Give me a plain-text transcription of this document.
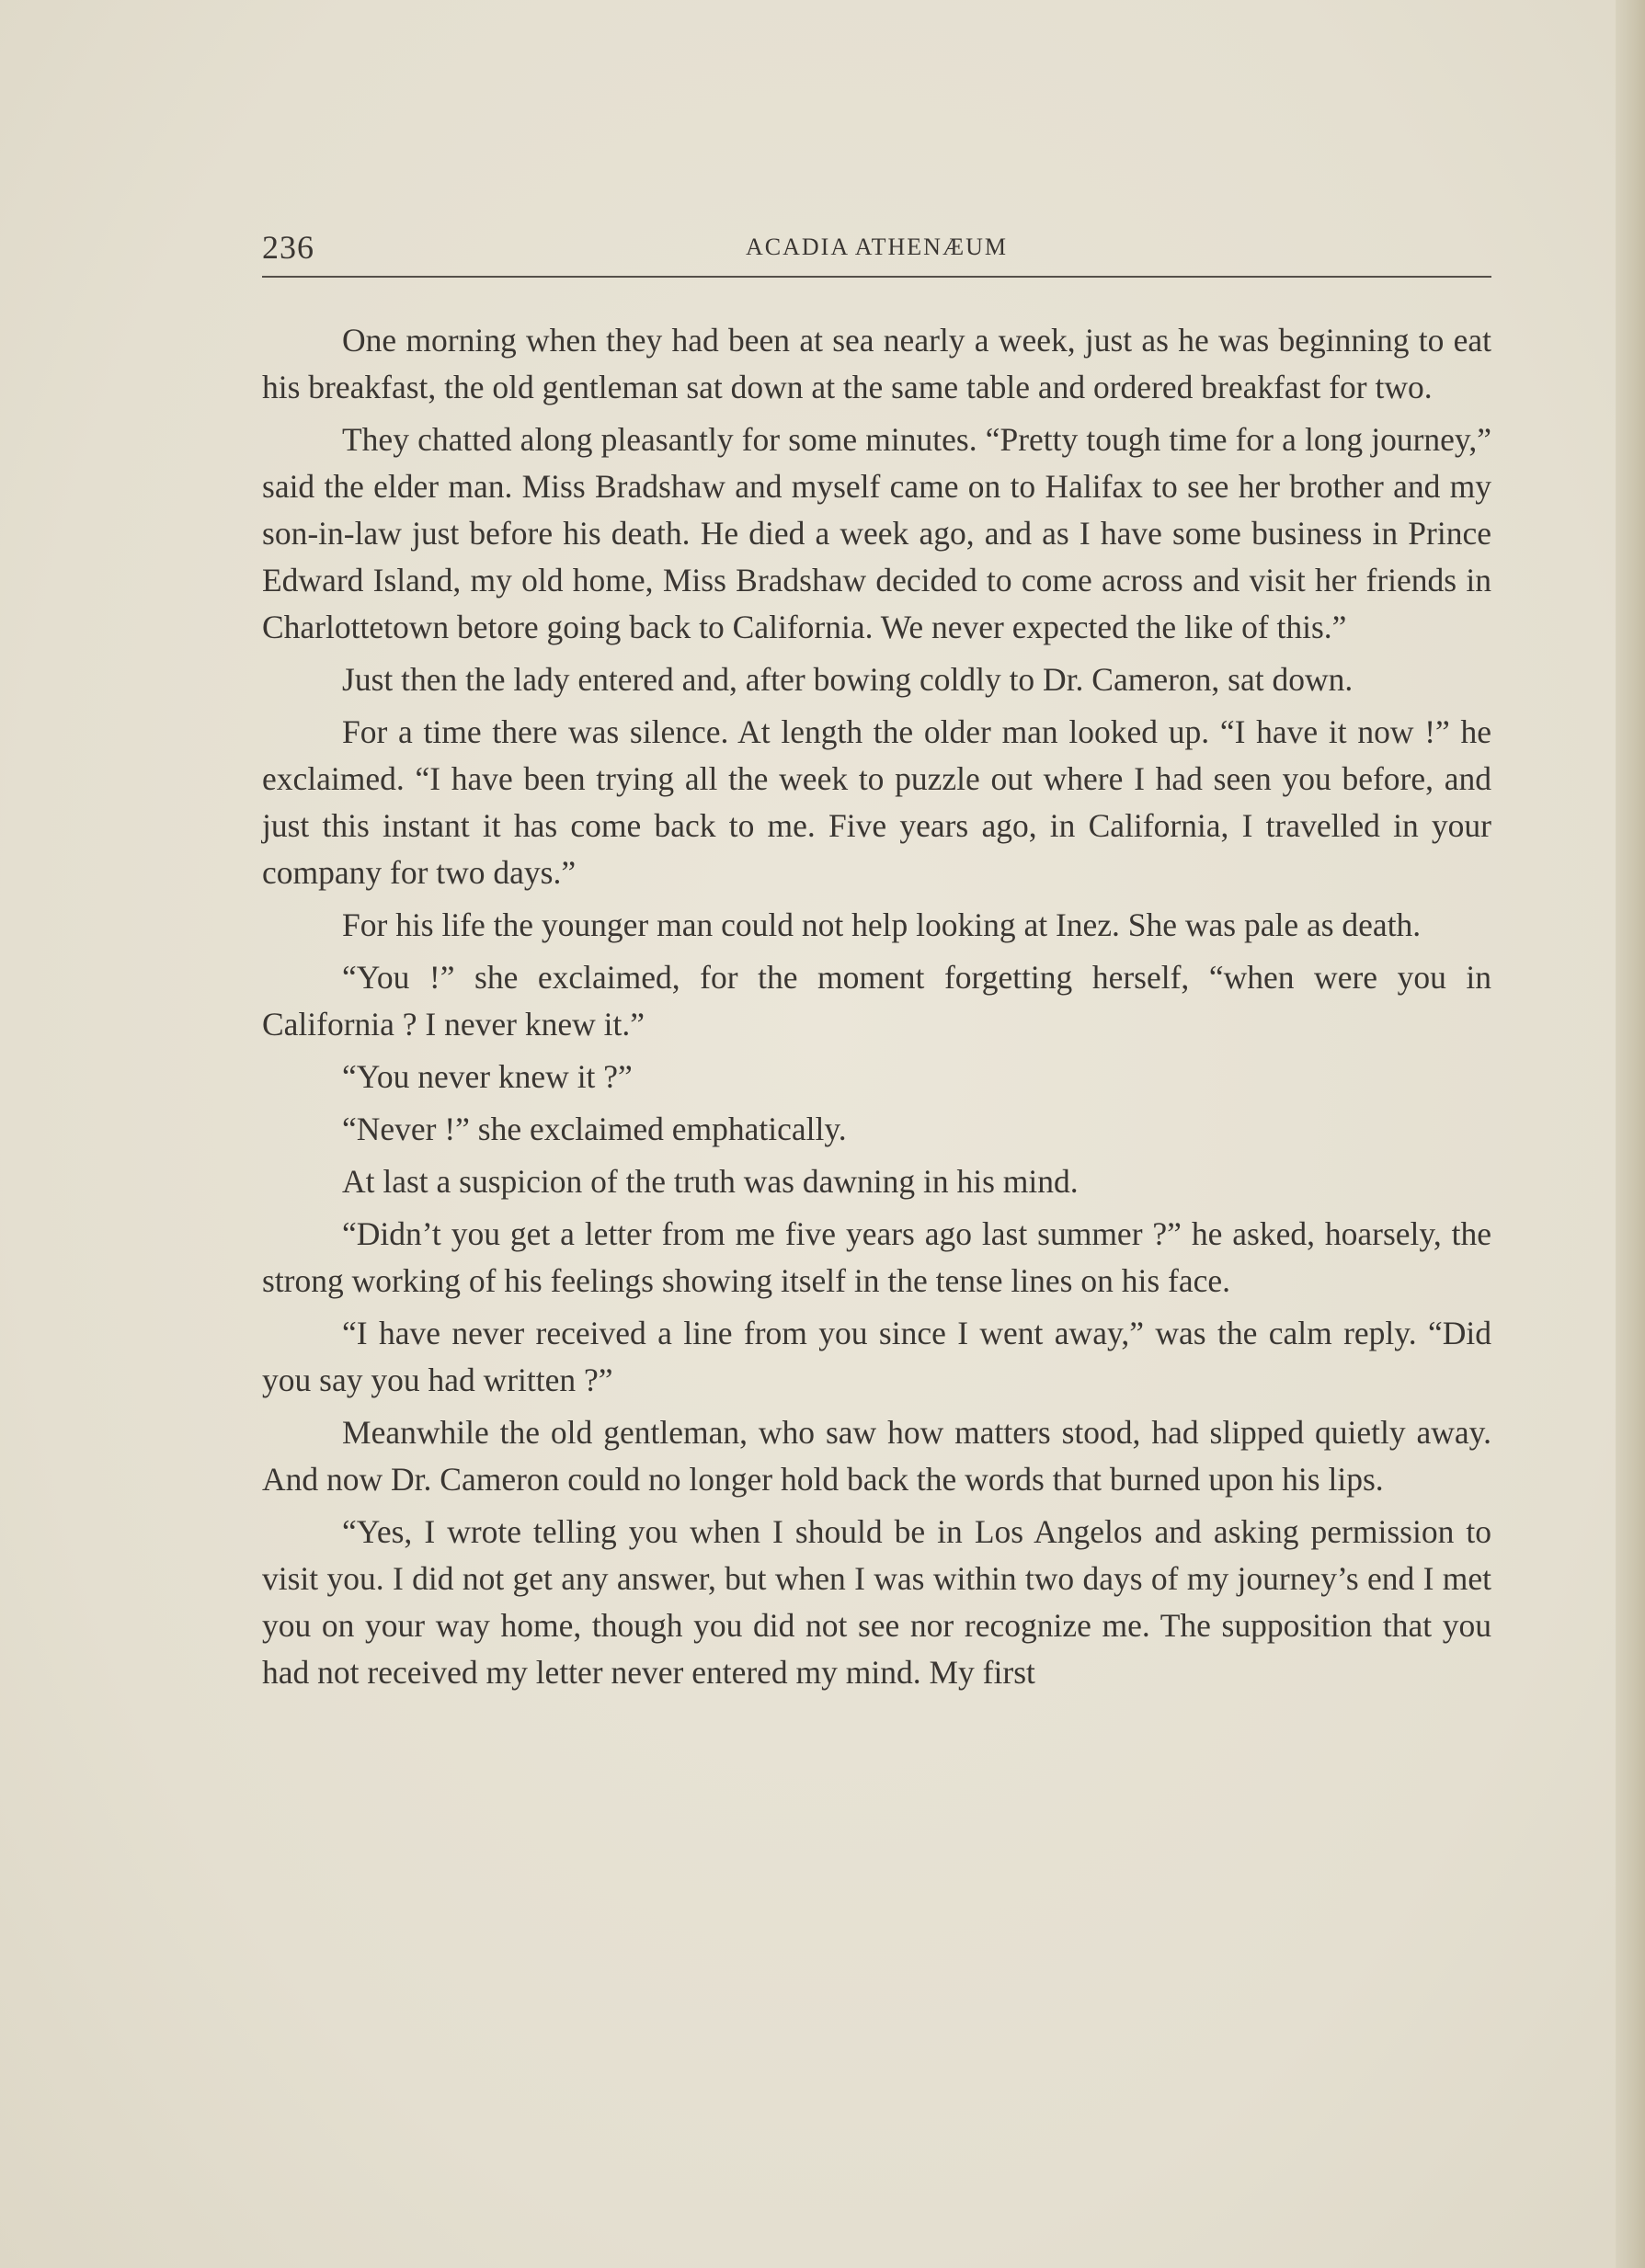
236	ACADIA ATHENÆUM

One morning when they had been at sea nearly a week, just as he was beginning to eat his breakfast, the old gentleman sat down at the same table and ordered breakfast for two.

They chatted along pleasantly for some minutes. “Pretty tough time for a long journey,” said the elder man. Miss Bradshaw and myself came on to Halifax to see her brother and my son-in-law just before his death. He died a week ago, and as I have some business in Prince Edward Island, my old home, Miss Bradshaw decided to come across and visit her friends in Charlottetown betore going back to California. We never expected the like of this.”

Just then the lady entered and, after bowing coldly to Dr. Cameron, sat down.

For a time there was silence. At length the older man looked up. “I have it now !” he exclaimed. “I have been trying all the week to puzzle out where I had seen you before, and just this instant it has come back to me. Five years ago, in California, I travelled in your company for two days.”

For his life the younger man could not help looking at Inez. She was pale as death.

“You !” she exclaimed, for the moment forgetting herself, “when were you in California ? I never knew it.”

“You never knew it ?”

“Never !” she exclaimed emphatically.

At last a suspicion of the truth was dawning in his mind.

“Didn’t you get a letter from me five years ago last summer ?” he asked, hoarsely, the strong working of his feelings showing itself in the tense lines on his face.

“I have never received a line from you since I went away,” was the calm reply. “Did you say you had written ?”

Meanwhile the old gentleman, who saw how matters stood, had slipped quietly away. And now Dr. Cameron could no longer hold back the words that burned upon his lips.

“Yes, I wrote telling you when I should be in Los Angelos and asking permission to visit you. I did not get any answer, but when I was within two days of my journey’s end I met you on your way home, though you did not see nor recognize me. The supposition that you had not received my letter never entered my mind. My first
